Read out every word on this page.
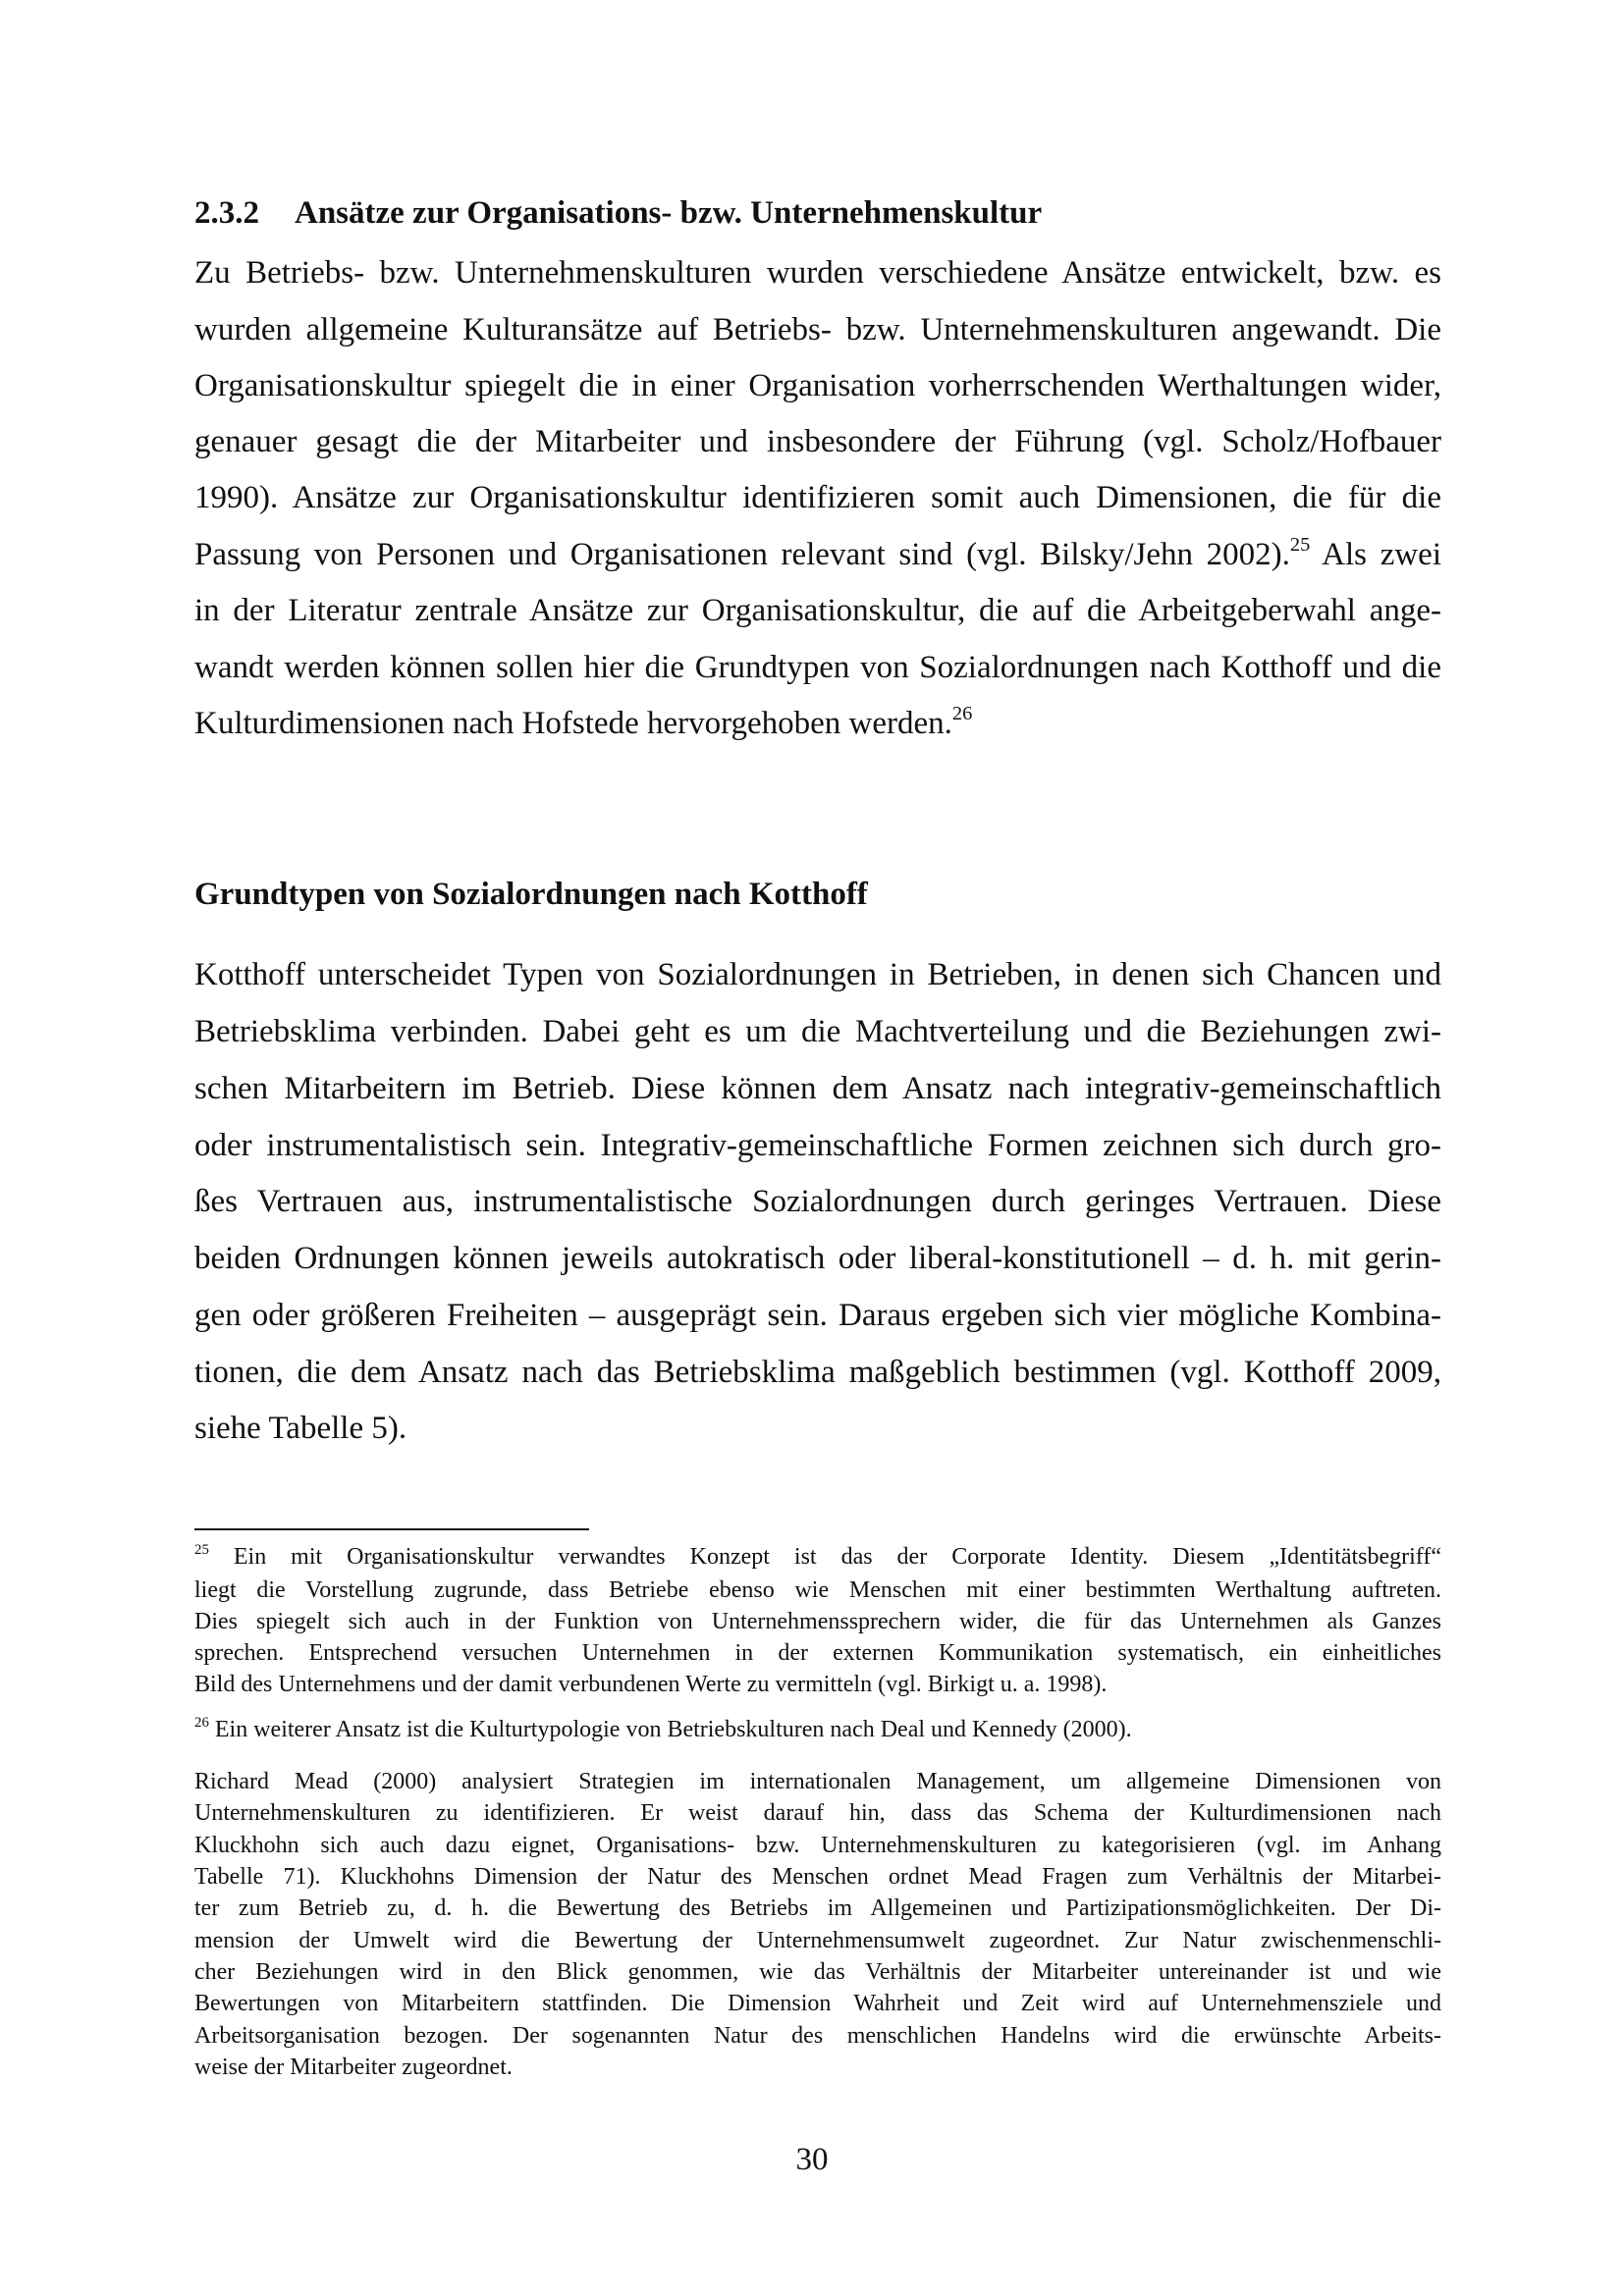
2.3.2 Ansätze zur Organisations- bzw. Unternehmenskultur
Zu Betriebs- bzw. Unternehmenskulturen wurden verschiedene Ansätze entwickelt, bzw. es
wurden allgemeine Kulturansätze auf Betriebs- bzw. Unternehmenskulturen angewandt. Die
Organisationskultur spiegelt die in einer Organisation vorherrschenden Werthaltungen wider,
genauer gesagt die der Mitarbeiter und insbesondere der Führung (vgl. Scholz/Hofbauer
1990). Ansätze zur Organisationskultur identifizieren somit auch Dimensionen, die für die
Passung von Personen und Organisationen relevant sind (vgl. Bilsky/Jehn 2002).$^{25}$ Als zwei
in der Literatur zentrale Ansätze zur Organisationskultur, die auf die Arbeitgeberwahl ange-
wandt werden können sollen hier die Grundtypen von Sozialordnungen nach Kotthoff und die
Kulturdimensionen nach Hofstede hervorgehoben werden.$^{26}$
Grundtypen von Sozialordnungen nach Kotthoff
Kotthoff unterscheidet Typen von Sozialordnungen in Betrieben, in denen sich Chancen und
Betriebsklima verbinden. Dabei geht es um die Machtverteilung und die Beziehungen zwi-
schen Mitarbeitern im Betrieb. Diese können dem Ansatz nach integrativ-gemeinschaftlich
oder instrumentalistisch sein. Integrativ-gemeinschaftliche Formen zeichnen sich durch gro-
ßes Vertrauen aus, instrumentalistische Sozialordnungen durch geringes Vertrauen. Diese
beiden Ordnungen können jeweils autokratisch oder liberal-konstitutionell – d. h. mit gerin-
gen oder größeren Freiheiten – ausgeprägt sein. Daraus ergeben sich vier mögliche Kombina-
tionen, die dem Ansatz nach das Betriebsklima maßgeblich bestimmen (vgl. Kotthoff 2009,
siehe Tabelle 5).
$^{25}$ Ein mit Organisationskultur verwandtes Konzept ist das der Corporate Identity. Diesem „Identitätsbegriff“
liegt die Vorstellung zugrunde, dass Betriebe ebenso wie Menschen mit einer bestimmten Werthaltung auftreten.
Dies spiegelt sich auch in der Funktion von Unternehmenssprechern wider, die für das Unternehmen als Ganzes
sprechen. Entsprechend versuchen Unternehmen in der externen Kommunikation systematisch, ein einheitliches
Bild des Unternehmens und der damit verbundenen Werte zu vermitteln (vgl. Birkigt u. a. 1998).
$^{26}$ Ein weiterer Ansatz ist die Kulturtypologie von Betriebskulturen nach Deal und Kennedy (2000).
Richard Mead (2000) analysiert Strategien im internationalen Management, um allgemeine Dimensionen von
Unternehmenskulturen zu identifizieren. Er weist darauf hin, dass das Schema der Kulturdimensionen nach
Kluckhohn sich auch dazu eignet, Organisations- bzw. Unternehmenskulturen zu kategorisieren (vgl. im Anhang
Tabelle 71). Kluckhohns Dimension der Natur des Menschen ordnet Mead Fragen zum Verhältnis der Mitarbei-
ter zum Betrieb zu, d. h. die Bewertung des Betriebs im Allgemeinen und Partizipationsmöglichkeiten. Der Di-
mension der Umwelt wird die Bewertung der Unternehmensumwelt zugeordnet. Zur Natur zwischenmenschli-
cher Beziehungen wird in den Blick genommen, wie das Verhältnis der Mitarbeiter untereinander ist und wie
Bewertungen von Mitarbeitern stattfinden. Die Dimension Wahrheit und Zeit wird auf Unternehmensziele und
Arbeitsorganisation bezogen. Der sogenannten Natur des menschlichen Handelns wird die erwünschte Arbeits-
weise der Mitarbeiter zugeordnet.
30
